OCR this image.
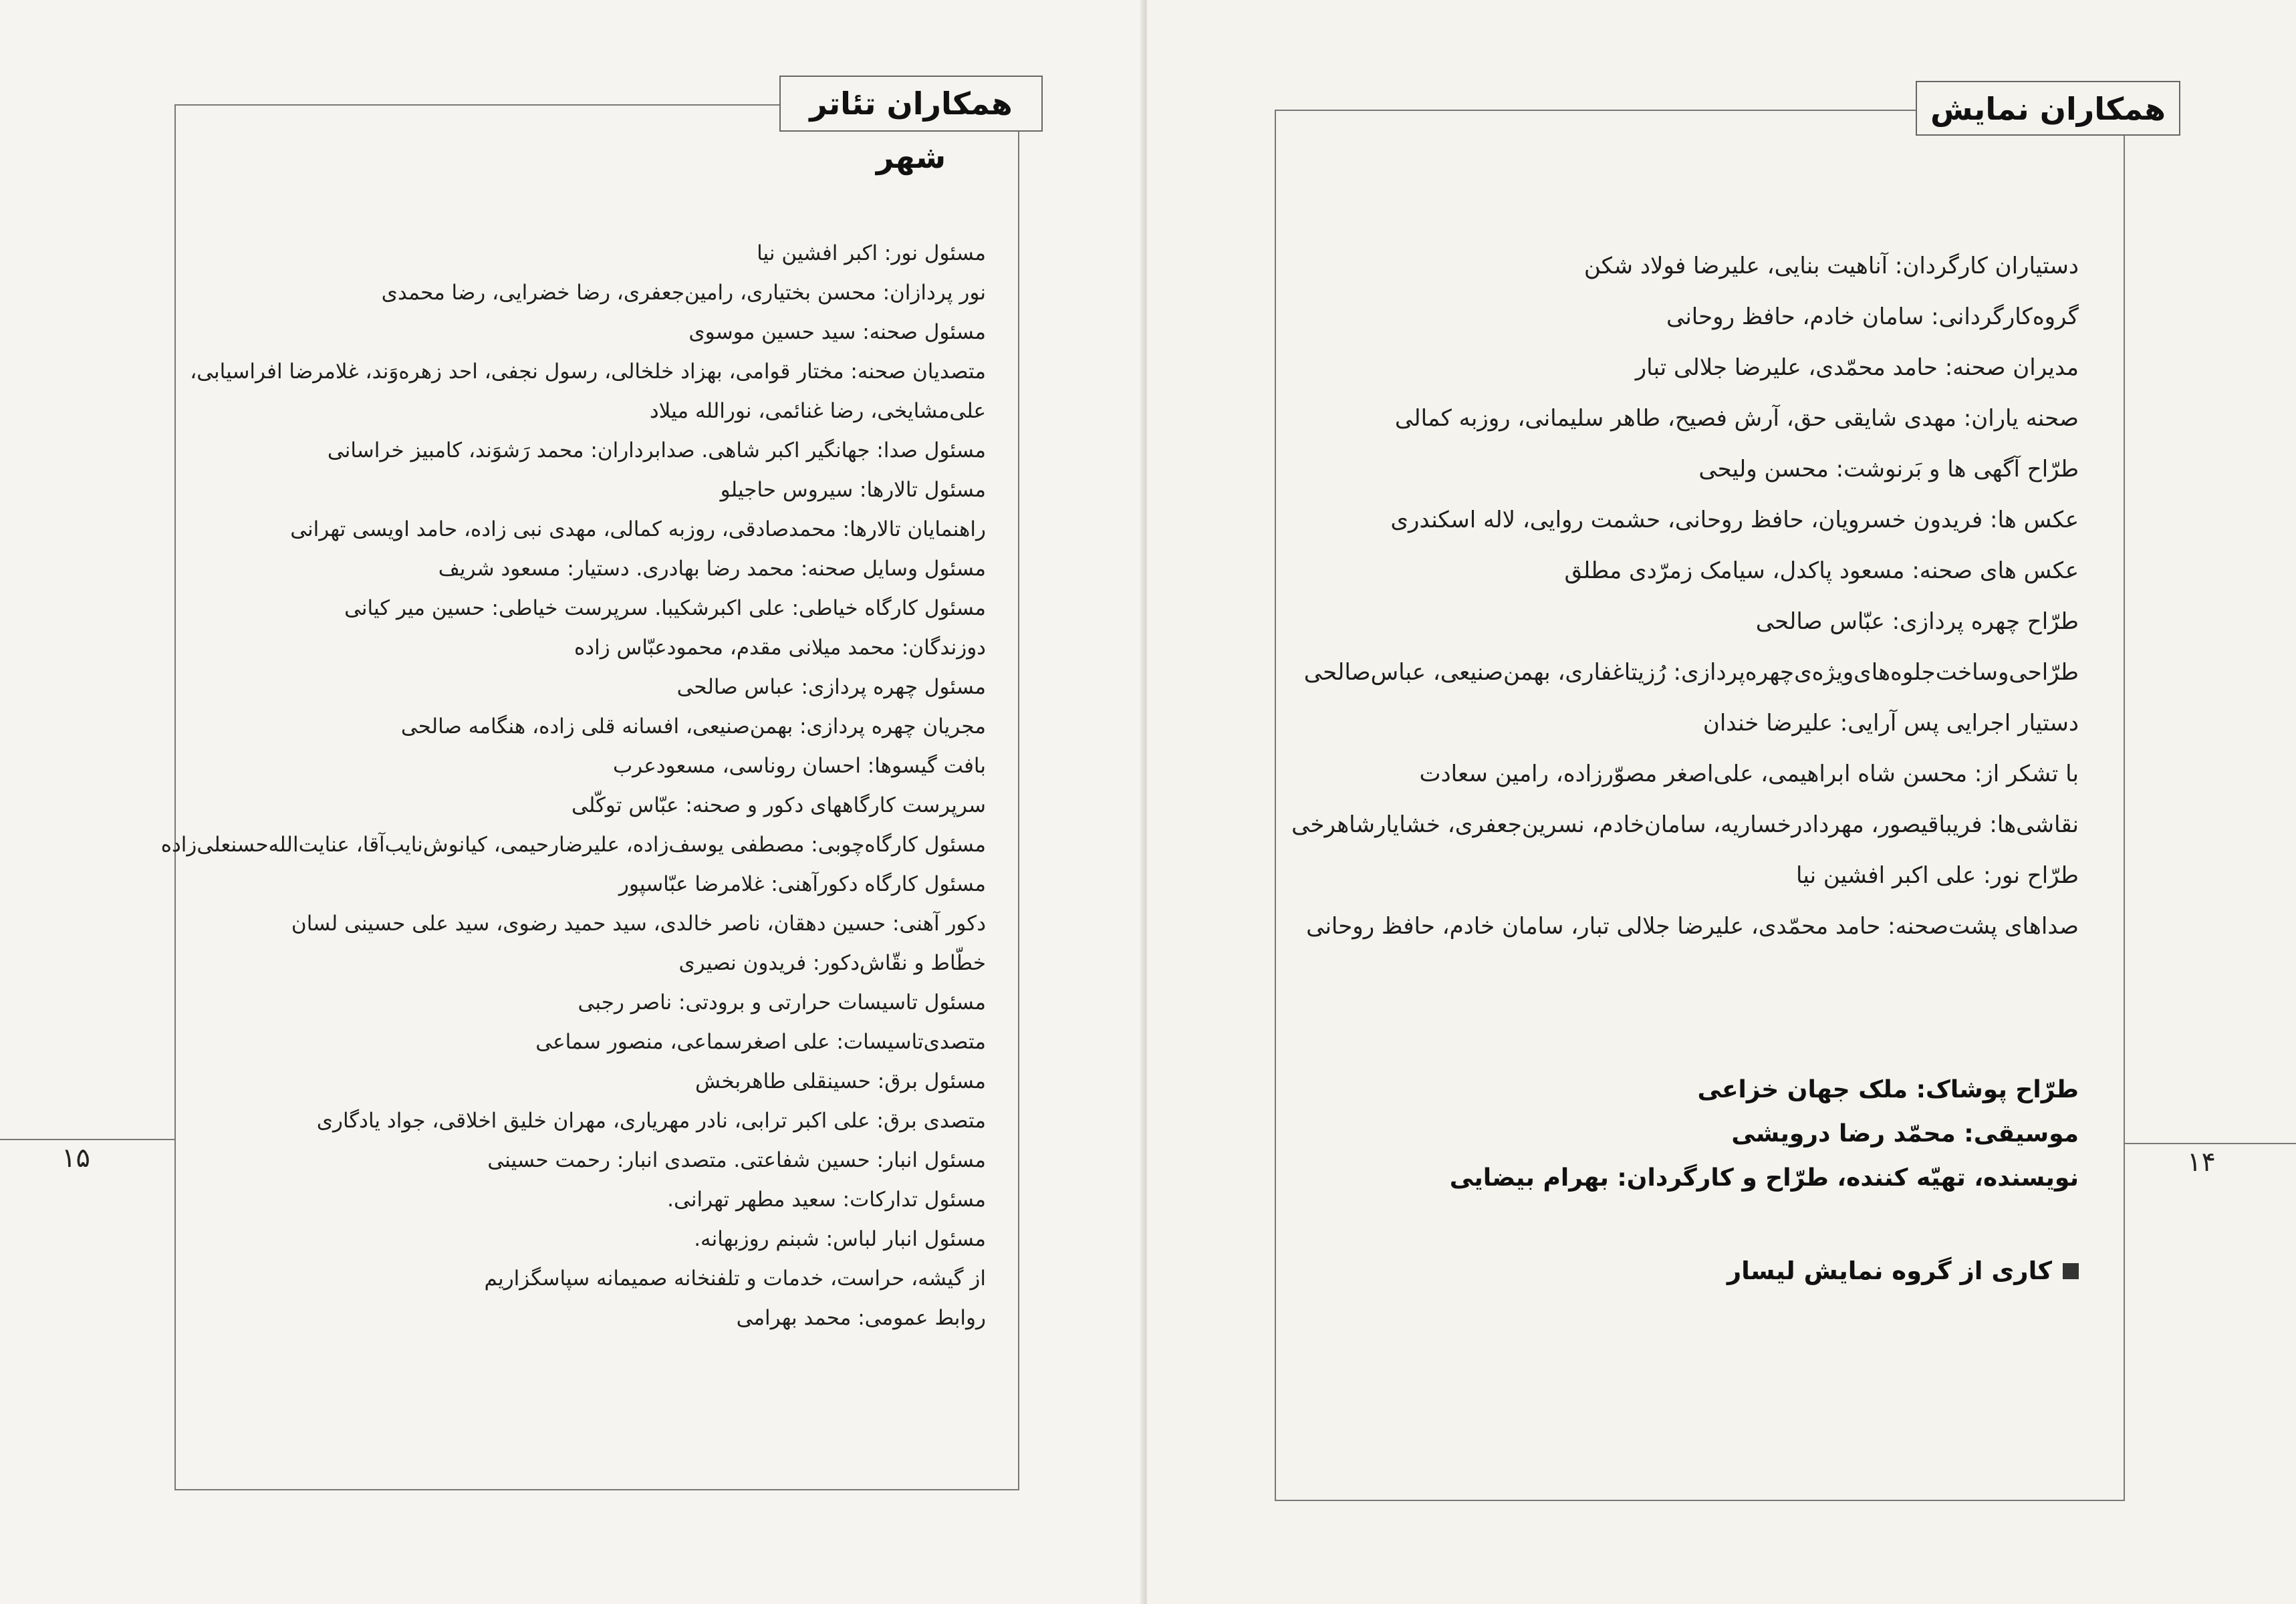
همکاران تئاتر شهر

مسئول نور: اکبر افشین نیا

نور پردازان: محسن بختیاری، رامین‌جعفری، رضا خضرایی، رضا محمدی

مسئول صحنه: سید حسین موسوی

متصدیان صحنه: مختار قوامی، بهزاد خلخالی، رسول نجفی، احد زهره‌وَند، غلامرضا افراسیابی،

علی‌مشایخی، رضا غنائمی، نورالله میلاد

مسئول صدا: جهانگیر اکبر شاهی. صدابرداران: محمد رَشوَند، کامبیز خراسانی

مسئول تالارها: سیروس حاجیلو

راهنمایان تالارها: محمدصادقی، روزبه کمالی، مهدی نبی زاده، حامد اویسی تهرانی

مسئول وسایل صحنه: محمد رضا بهادری. دستیار: مسعود شریف

مسئول کارگاه خیاطی: علی اکبرشکیبا. سرپرست خیاطی: حسین میر کیانی

دوزندگان: محمد میلانی مقدم، محمودعبّاس زاده

مسئول چهره پردازی: عباس صالحی

مجریان چهره پردازی: بهمن‌صنیعی، افسانه قلی زاده، هنگامه صالحی

بافت گیسوها: احسان روناسی، مسعودعرب

سرپرست کارگاههای دکور و صحنه: عبّاس توکّلی

مسئول کارگاه‌چوبی: مصطفی یوسف‌زاده، علیرضارحیمی، کیانوش‌نایب‌آقا، عنایت‌الله‌حسنعلی‌زاده

مسئول کارگاه دکورآهنی: غلامرضا عبّاسپور

دکور آهنی: حسین دهقان، ناصر خالدی، سید حمید رضوی، سید علی حسینی لسان

خطّاط و نقّاش‌دکور: فریدون نصیری

مسئول تاسیسات حرارتی و برودتی: ناصر رجبی

متصدی‌تاسیسات: علی اصغرسماعی، منصور سماعی

مسئول برق: حسینقلی طاهربخش

متصدی برق: علی اکبر ترابی، نادر مهریاری، مهران خلیق اخلاقی، جواد یادگاری

مسئول انبار: حسین شفاعتی. متصدی انبار: رحمت حسینی

مسئول تدارکات: سعید مطهر تهرانی.

مسئول انبار لباس: شبنم روزبهانه.

از گیشه، حراست، خدمات و تلفنخانه صمیمانه سپاسگزاریم

روابط عمومی: محمد بهرامی

۱۵
همکاران نمایش

دستیاران کارگردان: آناهیت بنایی، علیرضا فولاد شکن

گروه‌کارگردانی: سامان خادم، حافظ روحانی

مدیران صحنه: حامد محمّدی، علیرضا جلالی تبار

صحنه یاران: مهدی شایقی حق، آرش فصیح، طاهر سلیمانی، روزبه کمالی

طرّاح آگهی ها و بَرنوشت: محسن ولیحی

عکس ها: فریدون خسرویان، حافظ روحانی، حشمت روایی، لاله اسکندری

عکس های صحنه: مسعود پاکدل، سیامک زمرّدی مطلق

طرّاح چهره پردازی: عبّاس صالحی

طرّاحی‌وساخت‌جلوه‌های‌ویژه‌ی‌چهره‌پردازی: رُزیتاغفاری، بهمن‌صنیعی، عباس‌صالحی

دستیار اجرایی پس آرایی: علیرضا خندان

با تشکر از: محسن شاه ابراهیمی، علی‌اصغر مصوّرزاده، رامین سعادت

نقاشی‌ها: فریباقیصور، مهرداد‌رخساریه، سامان‌خادم، نسرین‌جعفری، خشایارشاهرخی

طرّاح نور: علی اکبر افشین نیا

صداهای پشت‌صحنه: حامد محمّدی، علیرضا جلالی تبار، سامان خادم، حافظ روحانی

طرّاح پوشاک: ملک جهان خزاعی

موسیقی: محمّد رضا درویشی

نویسنده، تهیّه کننده، طرّاح و کارگردان: بهرام بیضایی

کاری از گروه نمایش لیسار
۱۴
